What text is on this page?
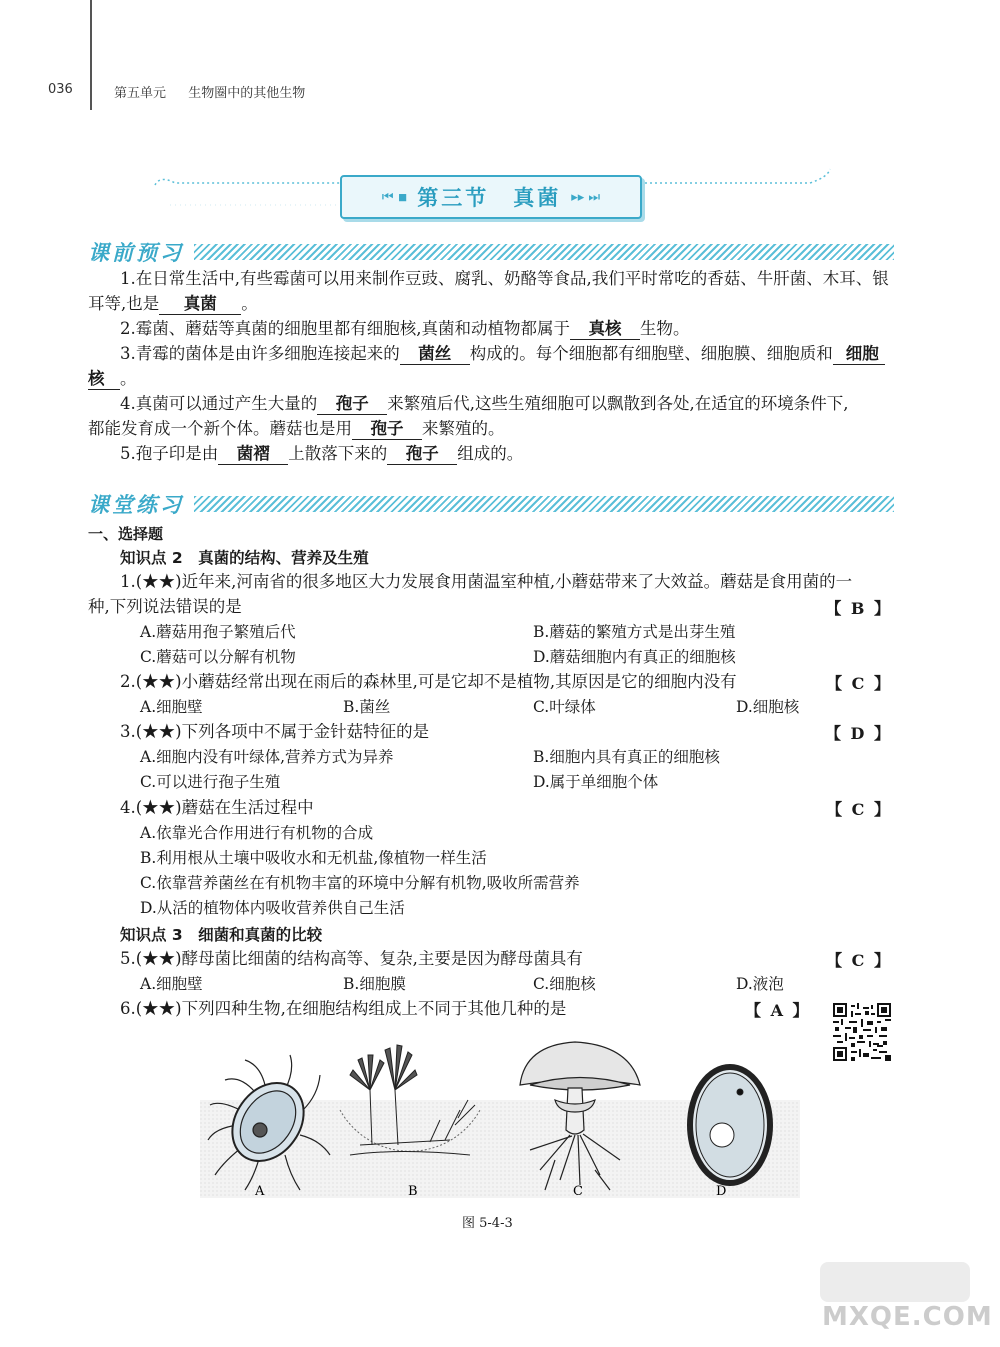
036	第五单元 生物圈中的其他生物
⏮ ◾ 第三节　真菌 ▸▸ ⏭
课前预习
1.在日常生活中,有些霉菌可以用来制作豆豉、腐乳、奶酪等食品,我们平时常吃的香菇、牛肝菌、木耳、银
耳等,也是 真菌 。
2.霉菌、蘑菇等真菌的细胞里都有细胞核,真菌和动植物都属于 真核 生物。
3.青霉的菌体是由许多细胞连接起来的 菌丝 构成的。每个细胞都有细胞壁、细胞膜、细胞质和 细胞
核 。
4.真菌可以通过产生大量的 孢子 来繁殖后代,这些生殖细胞可以飘散到各处,在适宜的环境条件下,
都能发育成一个新个体。蘑菇也是用 孢子 来繁殖的。
5.孢子印是由 菌褶 上散落下来的 孢子 组成的。
课堂练习
一、选择题
知识点 2　真菌的结构、营养及生殖
1.(★★)近年来,河南省的很多地区大力发展食用菌温室种植,小蘑菇带来了大效益。蘑菇是食用菌的一
种,下列说法错误的是	【 B 】
A.蘑菇用孢子繁殖后代	B.蘑菇的繁殖方式是出芽生殖
C.蘑菇可以分解有机物	D.蘑菇细胞内有真正的细胞核
2.(★★)小蘑菇经常出现在雨后的森林里,可是它却不是植物,其原因是它的细胞内没有	【 C 】
A.细胞壁	B.菌丝	C.叶绿体	D.细胞核
3.(★★)下列各项中不属于金针菇特征的是	【 D 】
A.细胞内没有叶绿体,营养方式为异养	B.细胞内具有真正的细胞核
C.可以进行孢子生殖	D.属于单细胞个体
4.(★★)蘑菇在生活过程中	【 C 】
A.依靠光合作用进行有机物的合成
B.利用根从土壤中吸收水和无机盐,像植物一样生活
C.依靠营养菌丝在有机物丰富的环境中分解有机物,吸收所需营养
D.从活的植物体内吸收营养供自己生活
知识点 3　细菌和真菌的比较
5.(★★)酵母菌比细菌的结构高等、复杂,主要是因为酵母菌具有	【 C 】
A.细胞壁	B.细胞膜	C.细胞核	D.液泡
6.(★★)下列四种生物,在细胞结构组成上不同于其他几种的是	【 A 】
A	B	C	D
图 5-4-3
MXQE.COM
